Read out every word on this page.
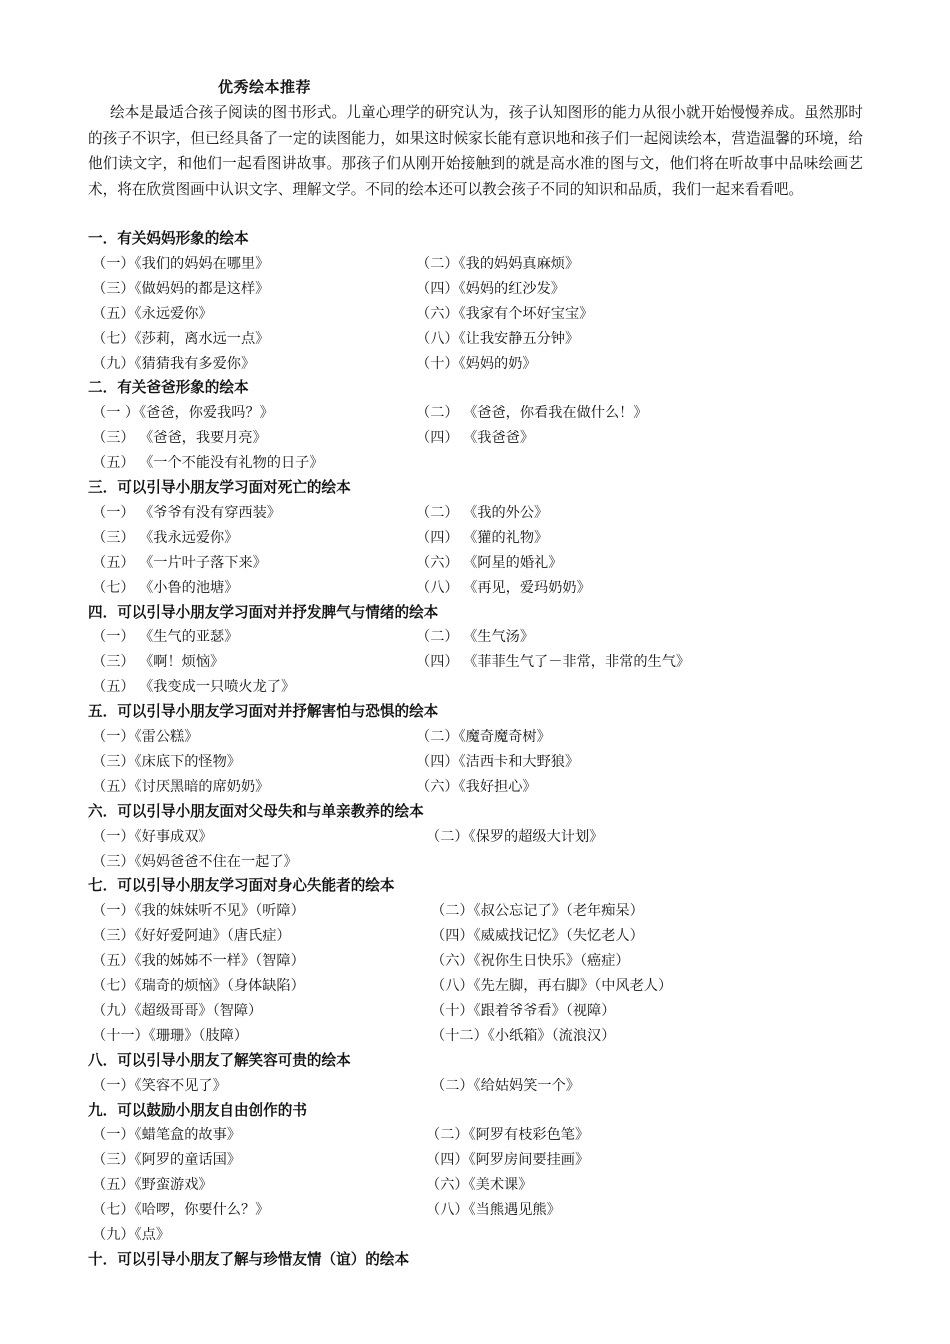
优秀绘本推荐
绘本是最适合孩子阅读的图书形式。儿童心理学的研究认为，孩子认知图形的能力从很小就开始慢慢养成。虽然那时的孩子不识字，但已经具备了一定的读图能力，如果这时候家长能有意识地和孩子们一起阅读绘本，营造温馨的环境，给他们读文字，和他们一起看图讲故事。那孩子们从刚开始接触到的就是高水准的图与文，他们将在听故事中品味绘画艺术，将在欣赏图画中认识文字、理解文学。不同的绘本还可以教会孩子不同的知识和品质，我们一起来看看吧。
一．有关妈妈形象的绘本
（一）《我们的妈妈在哪里》	（二）《我的妈妈真麻烦》
（三）《做妈妈的都是这样》	（四）《妈妈的红沙发》
（五）《永远爱你》	（六）《我家有个坏好宝宝》
（七）《莎莉，离水远一点》	（八）《让我安静五分钟》
（九）《猜猜我有多爱你》	（十）《妈妈的奶》
二．有关爸爸形象的绘本
（一 ）《爸爸，你爱我吗？》	（二） 《爸爸，你看我在做什么！》
（三） 《爸爸，我要月亮》	（四） 《我爸爸》
（五） 《一个不能没有礼物的日子》
三．可以引导小朋友学习面对死亡的绘本
（一） 《爷爷有没有穿西装》	（二） 《我的外公》
（三） 《我永远爱你》	（四） 《獾的礼物》
（五） 《一片叶子落下来》	（六） 《阿星的婚礼》
（七） 《小鲁的池塘》	（八） 《再见，爱玛奶奶》
四．可以引导小朋友学习面对并抒发脾气与情绪的绘本
（一） 《生气的亚瑟》	（二） 《生气汤》
（三） 《啊！烦恼》	（四） 《菲菲生气了－非常，非常的生气》
（五） 《我变成一只喷火龙了》
五．可以引导小朋友学习面对并抒解害怕与恐惧的绘本
（一）《雷公糕》	（二）《魔奇魔奇树》
（三）《床底下的怪物》	（四）《洁西卡和大野狼》
（五）《讨厌黑暗的席奶奶》	（六）《我好担心》
六．可以引导小朋友面对父母失和与单亲教养的绘本
（一）《好事成双》	（二）《保罗的超级大计划》
（三）《妈妈爸爸不住在一起了》
七．可以引导小朋友学习面对身心失能者的绘本
（一）《我的妹妹听不见》（听障）	（二）《叔公忘记了》（老年痴呆）
（三）《好好爱阿迪》（唐氏症）	（四）《威威找记忆》（失忆老人）
（五）《我的姊姊不一样》（智障）	（六）《祝你生日快乐》（癌症）
（七）《瑞奇的烦恼》（身体缺陷）	（八）《先左脚，再右脚》（中风老人）
（九）《超级哥哥》（智障）	（十）《跟着爷爷看》（视障）
（十一）《珊珊》（肢障）	（十二）《小纸箱》（流浪汉）
八．可以引导小朋友了解笑容可贵的绘本
（一）《笑容不见了》	（二）《给姑妈笑一个》
九．可以鼓励小朋友自由创作的书
（一）《蜡笔盒的故事》	（二）《阿罗有枝彩色笔》
（三）《阿罗的童话国》	（四）《阿罗房间要挂画》
（五）《野蛮游戏》	（六）《美术课》
（七）《哈啰，你要什么？》	（八）《当熊遇见熊》
（九）《点》
十．可以引导小朋友了解与珍惜友情（谊）的绘本
